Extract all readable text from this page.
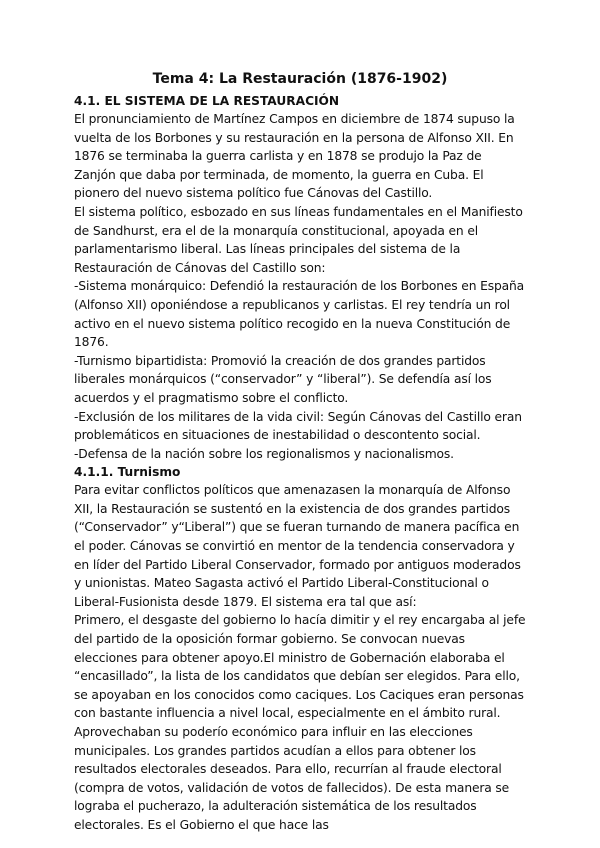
Tema 4: La Restauración (1876-1902)
4.1. EL SISTEMA DE LA RESTAURACIÓN

El pronunciamiento de Martínez Campos en diciembre de 1874 supuso la vuelta de los Borbones y su restauración en la persona de Alfonso XII. En 1876 se terminaba la guerra carlista y en 1878 se produjo la Paz de Zanjón que daba por terminada, de momento, la guerra en Cuba. El pionero del nuevo sistema político fue Cánovas del Castillo.

El sistema político, esbozado en sus líneas fundamentales en el Manifiesto de Sandhurst, era el de la monarquía constitucional, apoyada en el parlamentarismo liberal. Las líneas principales del sistema de la Restauración de Cánovas del Castillo son:

-Sistema monárquico: Defendió la restauración de los Borbones en España (Alfonso XII) oponiéndose a republicanos y carlistas. El rey tendría un rol activo en el nuevo sistema político recogido en la nueva Constitución de 1876.

-Turnismo bipartidista: Promovió la creación de dos grandes partidos liberales monárquicos (“conservador” y “liberal”). Se defendía así los acuerdos y el pragmatismo sobre el conflicto.

-Exclusión de los militares de la vida civil: Según Cánovas del Castillo eran problemáticos en situaciones de inestabilidad o descontento social.

-Defensa de la nación sobre los regionalismos y nacionalismos.

4.1.1. Turnismo

Para evitar conflictos políticos que amenazasen la monarquía de Alfonso XII, la Restauración se sustentó en la existencia de dos grandes partidos (“Conservador” y“Liberal”) que se fueran turnando de manera pacífica en el poder. Cánovas se convirtió en mentor de la tendencia conservadora y en líder del Partido Liberal Conservador, formado por antiguos moderados y unionistas. Mateo Sagasta activó el Partido Liberal-Constitucional o Liberal-Fusionista desde 1879. El sistema era tal que así:

Primero, el desgaste del gobierno lo hacía dimitir y el rey encargaba al jefe del partido de la oposición formar gobierno. Se convocan nuevas elecciones para obtener apoyo.El ministro de Gobernación elaboraba el “encasillado”, la lista de los candidatos que debían ser elegidos. Para ello, se apoyaban en los conocidos como caciques. Los Caciques eran personas con bastante influencia a nivel local, especialmente en el ámbito rural. Aprovechaban su poderío económico para influir en las elecciones municipales. Los grandes partidos acudían a ellos para obtener los resultados electorales deseados. Para ello, recurrían al fraude electoral (compra de votos, validación de votos de fallecidos). De esta manera se lograba el pucherazo, la adulteración sistemática de los resultados electorales. Es el Gobierno el que hace las
